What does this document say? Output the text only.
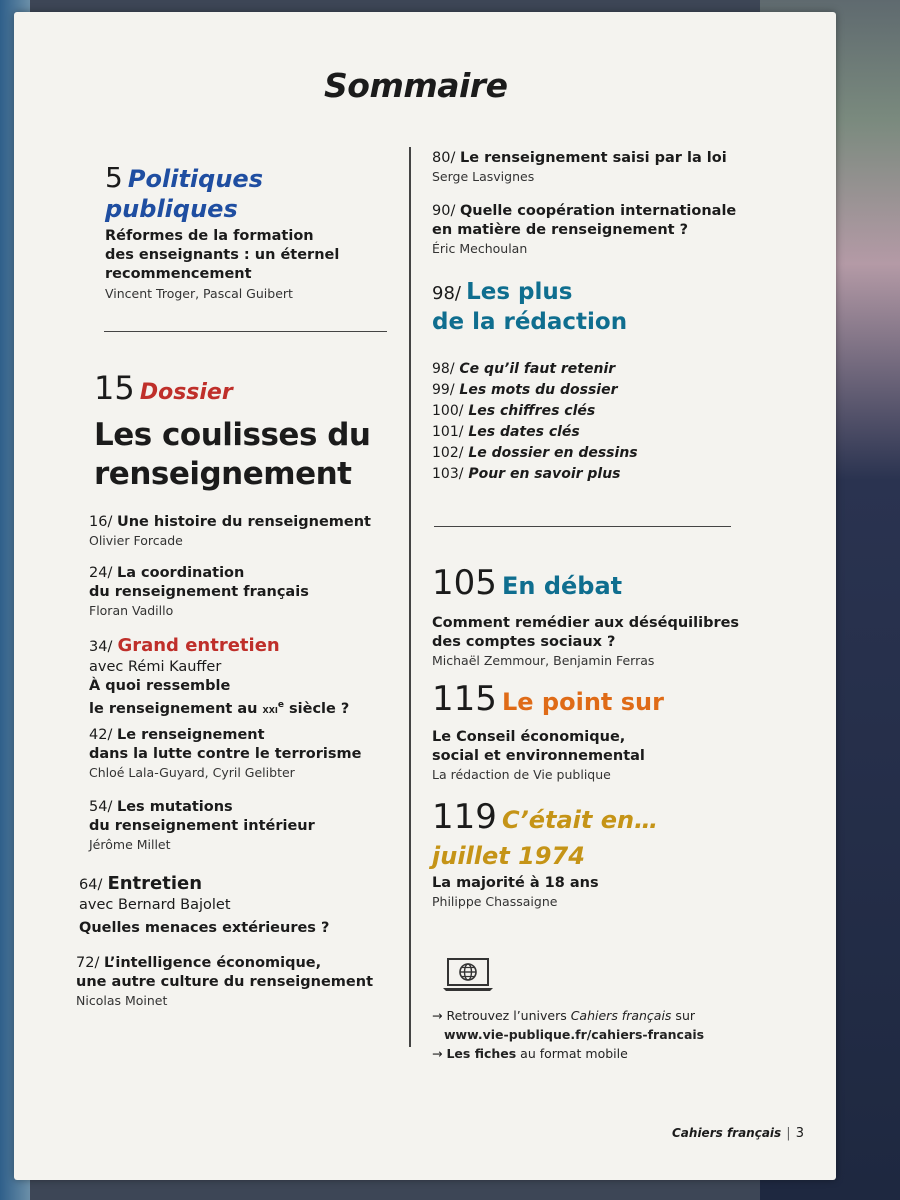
Sommaire
5 Politiques
publiques
Réformes de la formation
des enseignants : un éternel
recommencement
Vincent Troger, Pascal Guibert
15 Dossier
Les coulisses du
renseignement
16/ Une histoire du renseignement
Olivier Forcade
24/ La coordination
du renseignement français
Floran Vadillo
34/ Grand entretien
avec Rémi Kauffer
À quoi ressemble
le renseignement au xxi$^e$ siècle ?
42/ Le renseignement
dans la lutte contre le terrorisme
Chloé Lala-Guyard, Cyril Gelibter
54/ Les mutations
du renseignement intérieur
Jérôme Millet
64/ Entretien
avec Bernard Bajolet
Quelles menaces extérieures ?
72/ L’intelligence économique,
une autre culture du renseignement
Nicolas Moinet
80/ Le renseignement saisi par la loi
Serge Lasvignes
90/ Quelle coopération internationale
en matière de renseignement ?
Éric Mechoulan
98/ Les plus
de la rédaction
98/ Ce qu’il faut retenir
99/ Les mots du dossier
100/ Les chiffres clés
101/ Les dates clés
102/ Le dossier en dessins
103/ Pour en savoir plus
105 En débat
Comment remédier aux déséquilibres
des comptes sociaux ?
Michaël Zemmour, Benjamin Ferras
115 Le point sur
Le Conseil économique,
social et environnemental
La rédaction de Vie publique
119 C’était en…
juillet 1974
La majorité à 18 ans
Philippe Chassaigne
→ Retrouvez l’univers Cahiers français sur
www.vie-publique.fr/cahiers-francais
→ Les fiches au format mobile
Cahiers français | 3
